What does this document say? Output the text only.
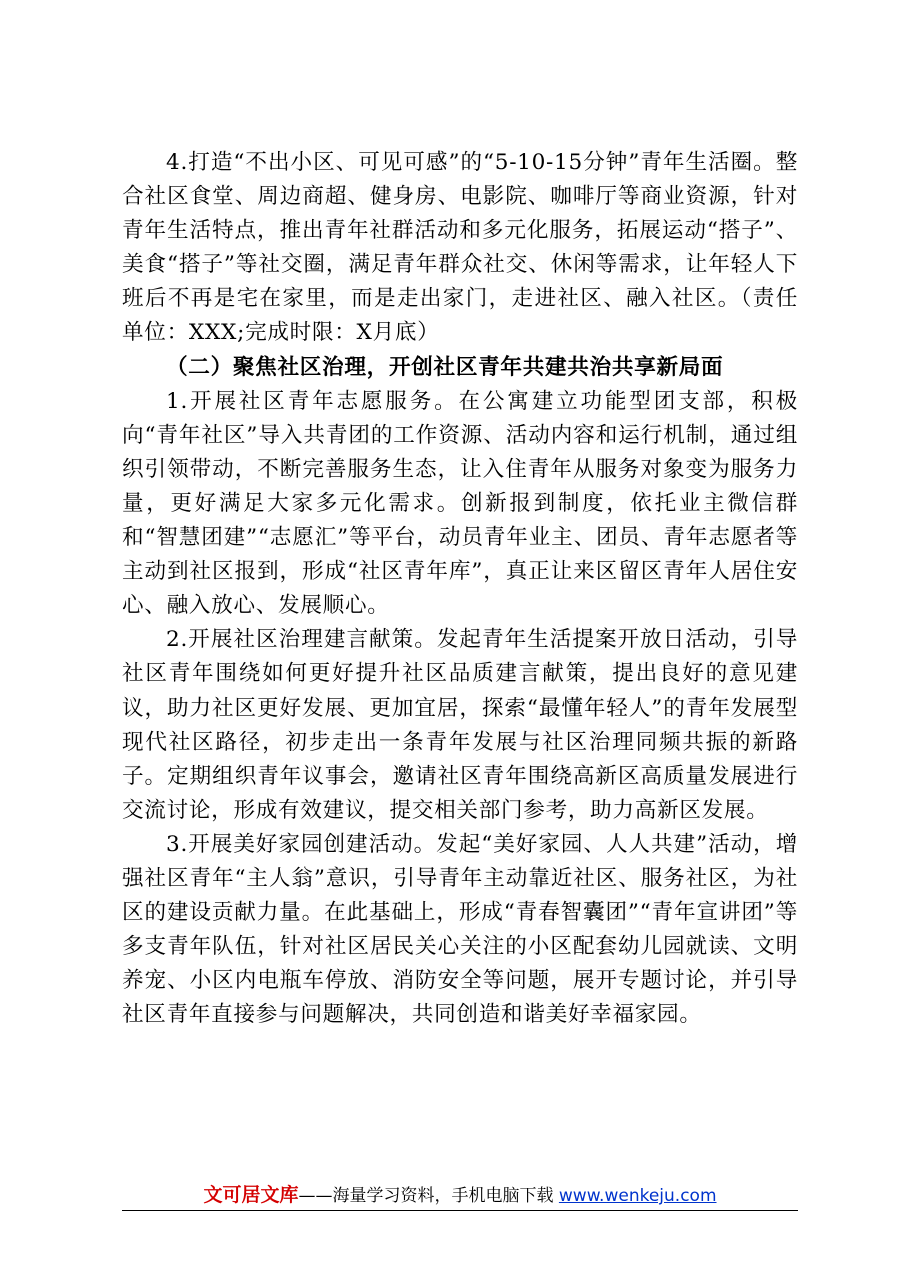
4.打造“不出小区、可见可感”的“5-10-15分钟”青年生活圈。整合社区食堂、周边商超、健身房、电影院、咖啡厅等商业资源，针对青年生活特点，推出青年社群活动和多元化服务，拓展运动“搭子”、美食“搭子”等社交圈，满足青年群众社交、休闲等需求，让年轻人下班后不再是宅在家里，而是走出家门，走进社区、融入社区。（责任单位：XXX;完成时限：X月底）

（二）聚焦社区治理，开创社区青年共建共治共享新局面

1.开展社区青年志愿服务。在公寓建立功能型团支部，积极向“青年社区”导入共青团的工作资源、活动内容和运行机制，通过组织引领带动，不断完善服务生态，让入住青年从服务对象变为服务力量，更好满足大家多元化需求。创新报到制度，依托业主微信群和“智慧团建”“志愿汇”等平台，动员青年业主、团员、青年志愿者等主动到社区报到，形成“社区青年库”，真正让来区留区青年人居住安心、融入放心、发展顺心。

2.开展社区治理建言献策。发起青年生活提案开放日活动，引导社区青年围绕如何更好提升社区品质建言献策，提出良好的意见建议，助力社区更好发展、更加宜居，探索“最懂年轻人”的青年发展型现代社区路径，初步走出一条青年发展与社区治理同频共振的新路子。定期组织青年议事会，邀请社区青年围绕高新区高质量发展进行交流讨论，形成有效建议，提交相关部门参考，助力高新区发展。

3.开展美好家园创建活动。发起“美好家园、人人共建”活动，增强社区青年“主人翁”意识，引导青年主动靠近社区、服务社区，为社区的建设贡献力量。在此基础上，形成“青春智囊团”“青年宣讲团”等多支青年队伍，针对社区居民关心关注的小区配套幼儿园就读、文明养宠、小区内电瓶车停放、消防安全等问题，展开专题讨论，并引导社区青年直接参与问题解决，共同创造和谐美好幸福家园。

文可居文库——海量学习资料，手机电脑下载 www.wenkeju.com
